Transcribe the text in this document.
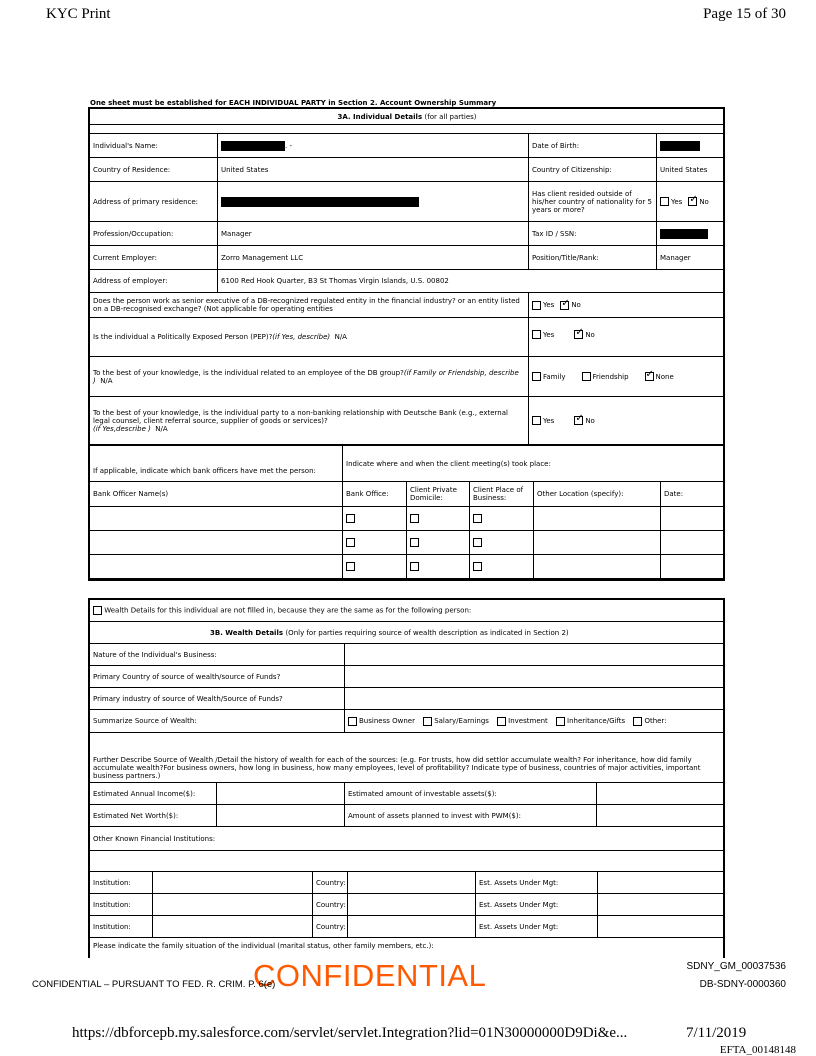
KYC Print	Page 15 of 30
One sheet must be established for EACH INDIVIDUAL PARTY in Section 2. Account Ownership Summary
3A. Individual Details (for all parties)			

Individual's Name:	. -	Date of Birth:	
Country of Residence:	United States	Country of Citizenship:	United States
Address of primary residence:		Has client resided outside of his/her country of nationality for 5 years or more?	Yes✓ No
Profession/Occupation:	Manager	Tax ID / SSN:	
Current Employer:	Zorro Management LLC	Position/Title/Rank:	Manager
Address of employer:	6100 Red Hook Quarter, B3 St Thomas Virgin Islands, U.S. 00802		
Does the person work as senior executive of a DB-recognized regulated entity in the financial industry? or an entity listed on a DB-recognised exchange? (Not applicable for operating entities		Yes ✓ No
Is the individual a Politically Exposed Person (PEP)?(if Yes, describe) N/A		Yes ✓ No
To the best of your knowledge, is the individual related to an employee of the DB group?(if Family or Friendship, describe ) N/A		Family Friendship ✓ None
To the best of your knowledge, is the individual party to a non-banking relationship with Deutsche Bank (e.g., external legal counsel, client referral source, supplier of goods or services)?
(if Yes,describe ) N/A		Yes ✓ No

If applicable, indicate which bank officers have met the person:	Indicate where and when the client meeting(s) took place:				
Bank Officer Name(s)	Bank Office:	Client Private Domicile:	Client Place of Business:	Other Location (specify):	Date:

Wealth Details for this individual are not filled in, because they are the same as for the following person:			
3B. Wealth Details (Only for parties requiring source of wealth description as indicated in Section 2)			
Nature of the Individual's Business:			
Primary Country of source of wealth/source of Funds?			
Primary industry of source of Wealth/Source of Funds?			
Summarize Source of Wealth:		Business Owner Salary/Earnings Investment Inheritance/Gifts Other:	
Further Describe Source of Wealth /Detail the history of wealth for each of the sources: (e.g. For trusts, how did settlor accumulate wealth? For inheritance, how did family accumulate wealth?For business owners, how long in business, how many employees, level of profitability? Indicate type of business, countries of major activities, important business partners.)			
Estimated Annual Income($):		Estimated amount of investable assets($):	
Estimated Net Worth($):		Amount of assets planned to invest with PWM($):	
Other Known Financial Institutions:			
Institution:		Country:		Est. Assets Under Mgt:	
Institution:		Country:		Est. Assets Under Mgt:	
Institution:		Country:		Est. Assets Under Mgt:	
Please indicate the family situation of the individual (marital status, other family members, etc.):					
SDNY_GM_00037536
DB-SDNY-0000360
CONFIDENTIAL
CONFIDENTIAL – PURSUANT TO FED. R. CRIM. P. 6(e)
https://dbforcepb.my.salesforce.com/servlet/servlet.Integration?lid=01N30000000D9Di&e...	7/11/2019
EFTA_00148148
